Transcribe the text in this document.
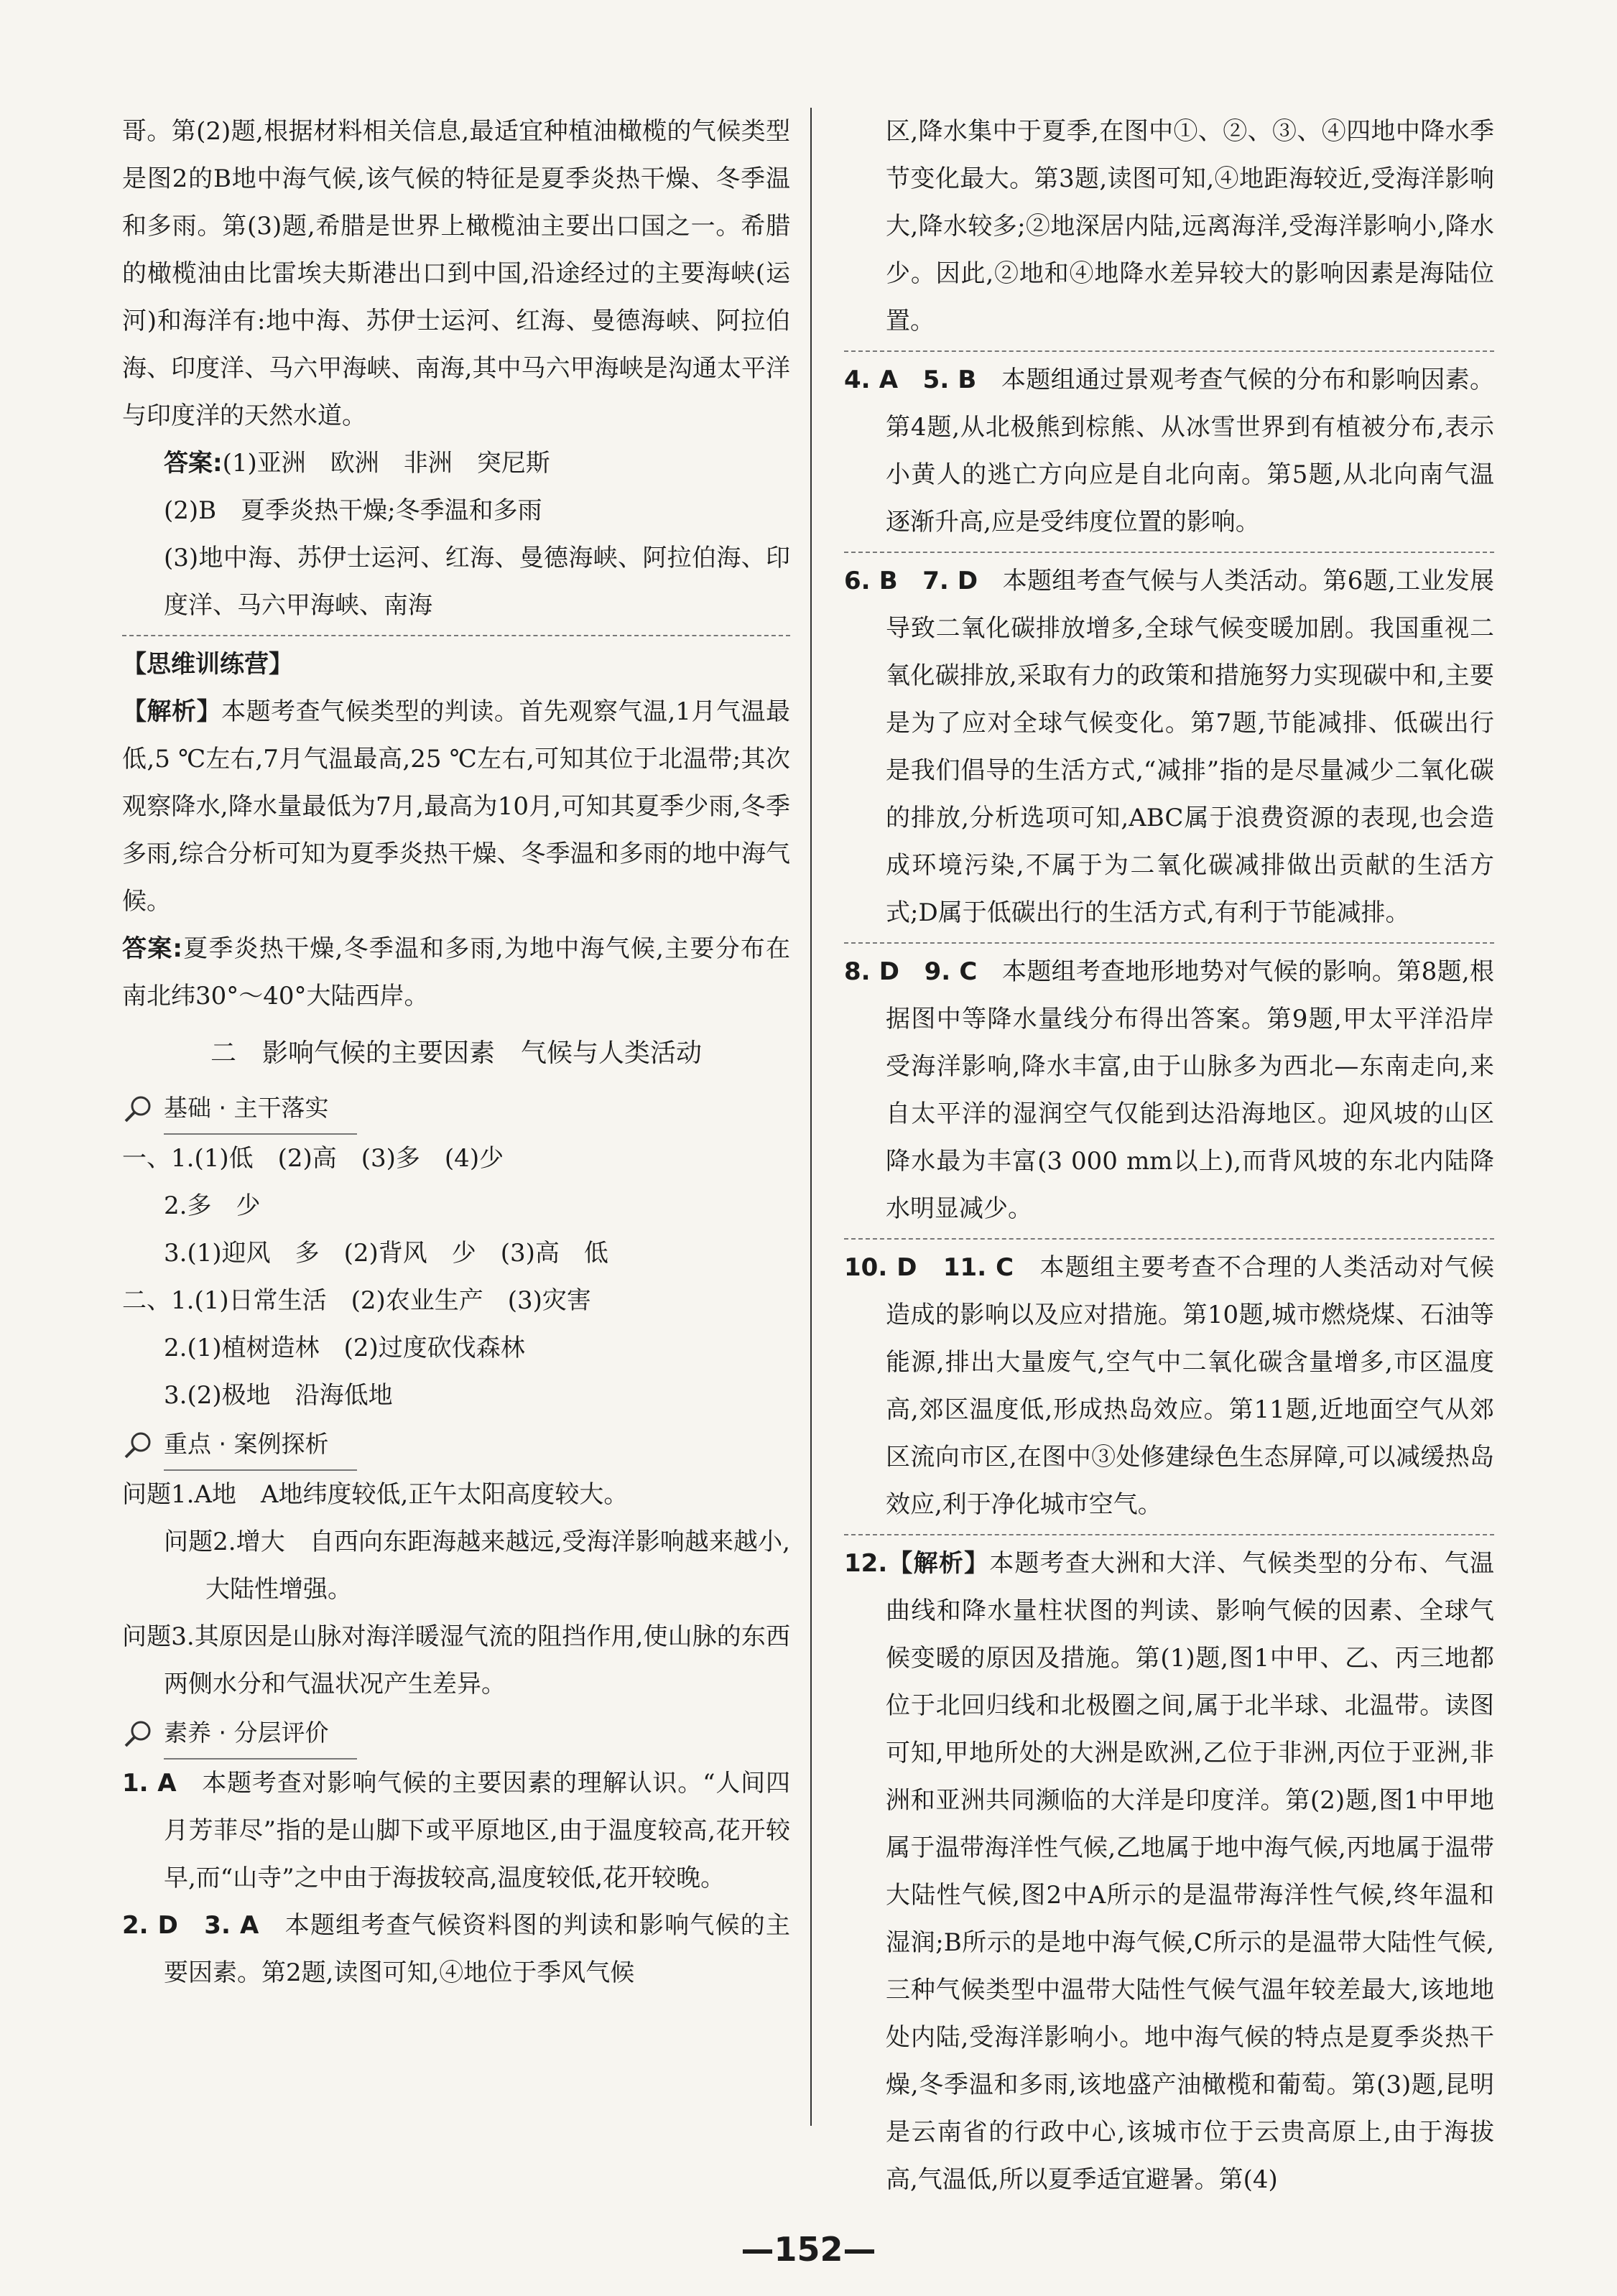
哥。第(2)题,根据材料相关信息,最适宜种植油橄榄的气候类型是图2的B地中海气候,该气候的特征是夏季炎热干燥、冬季温和多雨。第(3)题,希腊是世界上橄榄油主要出口国之一。希腊的橄榄油由比雷埃夫斯港出口到中国,沿途经过的主要海峡(运河)和海洋有:地中海、苏伊士运河、红海、曼德海峡、阿拉伯海、印度洋、马六甲海峡、南海,其中马六甲海峡是沟通太平洋与印度洋的天然水道。

答案:(1)亚洲　欧洲　非洲　突尼斯

(2)B　夏季炎热干燥;冬季温和多雨

(3)地中海、苏伊士运河、红海、曼德海峡、阿拉伯海、印度洋、马六甲海峡、南海

【思维训练营】

【解析】本题考查气候类型的判读。首先观察气温,1月气温最低,5 ℃左右,7月气温最高,25 ℃左右,可知其位于北温带;其次观察降水,降水量最低为7月,最高为10月,可知其夏季少雨,冬季多雨,综合分析可知为夏季炎热干燥、冬季温和多雨的地中海气候。

答案:夏季炎热干燥,冬季温和多雨,为地中海气候,主要分布在南北纬30°～40°大陆西岸。

二　影响气候的主要因素　气候与人类活动
基础 · 主干落实

一、1.(1)低　(2)高　(3)多　(4)少

2.多　少

3.(1)迎风　多　(2)背风　少　(3)高　低

二、1.(1)日常生活　(2)农业生产　(3)灾害

2.(1)植树造林　(2)过度砍伐森林

3.(2)极地　沿海低地

重点 · 案例探析

问题1.A地　A地纬度较低,正午太阳高度较大。

问题2.增大　自西向东距海越来越远,受海洋影响越来越小,大陆性增强。

问题3.其原因是山脉对海洋暖湿气流的阻挡作用,使山脉的东西两侧水分和气温状况产生差异。

素养 · 分层评价

1. A　 本题考查对影响气候的主要因素的理解认识。“人间四月芳菲尽”指的是山脚下或平原地区,由于温度较高,花开较早,而“山寺”之中由于海拔较高,温度较低,花开较晚。

2. D　3. A　 本题组考查气候资料图的判读和影响气候的主要因素。第2题,读图可知,④地位于季风气候

区,降水集中于夏季,在图中①、②、③、④四地中降水季节变化最大。第3题,读图可知,④地距海较近,受海洋影响大,降水较多;②地深居内陆,远离海洋,受海洋影响小,降水少。因此,②地和④地降水差异较大的影响因素是海陆位置。

4. A　5. B　 本题组通过景观考查气候的分布和影响因素。第4题,从北极熊到棕熊、从冰雪世界到有植被分布,表示小黄人的逃亡方向应是自北向南。第5题,从北向南气温逐渐升高,应是受纬度位置的影响。

6. B　7. D　 本题组考查气候与人类活动。第6题,工业发展导致二氧化碳排放增多,全球气候变暖加剧。我国重视二氧化碳排放,采取有力的政策和措施努力实现碳中和,主要是为了应对全球气候变化。第7题,节能减排、低碳出行是我们倡导的生活方式,“减排”指的是尽量减少二氧化碳的排放,分析选项可知,ABC属于浪费资源的表现,也会造成环境污染,不属于为二氧化碳减排做出贡献的生活方式;D属于低碳出行的生活方式,有利于节能减排。

8. D　9. C　 本题组考查地形地势对气候的影响。第8题,根据图中等降水量线分布得出答案。第9题,甲太平洋沿岸受海洋影响,降水丰富,由于山脉多为西北—东南走向,来自太平洋的湿润空气仅能到达沿海地区。迎风坡的山区降水最为丰富(3 000 mm以上),而背风坡的东北内陆降水明显减少。

10. D　11. C　 本题组主要考查不合理的人类活动对气候造成的影响以及应对措施。第10题,城市燃烧煤、石油等能源,排出大量废气,空气中二氧化碳含量增多,市区温度高,郊区温度低,形成热岛效应。第11题,近地面空气从郊区流向市区,在图中③处修建绿色生态屏障,可以减缓热岛效应,利于净化城市空气。

12.【解析】本题考查大洲和大洋、气候类型的分布、气温曲线和降水量柱状图的判读、影响气候的因素、全球气候变暖的原因及措施。第(1)题,图1中甲、乙、丙三地都位于北回归线和北极圈之间,属于北半球、北温带。读图可知,甲地所处的大洲是欧洲,乙位于非洲,丙位于亚洲,非洲和亚洲共同濒临的大洋是印度洋。第(2)题,图1中甲地属于温带海洋性气候,乙地属于地中海气候,丙地属于温带大陆性气候,图2中A所示的是温带海洋性气候,终年温和湿润;B所示的是地中海气候,C所示的是温带大陆性气候,三种气候类型中温带大陆性气候气温年较差最大,该地地处内陆,受海洋影响小。地中海气候的特点是夏季炎热干燥,冬季温和多雨,该地盛产油橄榄和葡萄。第(3)题,昆明是云南省的行政中心,该城市位于云贵高原上,由于海拔高,气温低,所以夏季适宜避暑。第(4)

—152—
